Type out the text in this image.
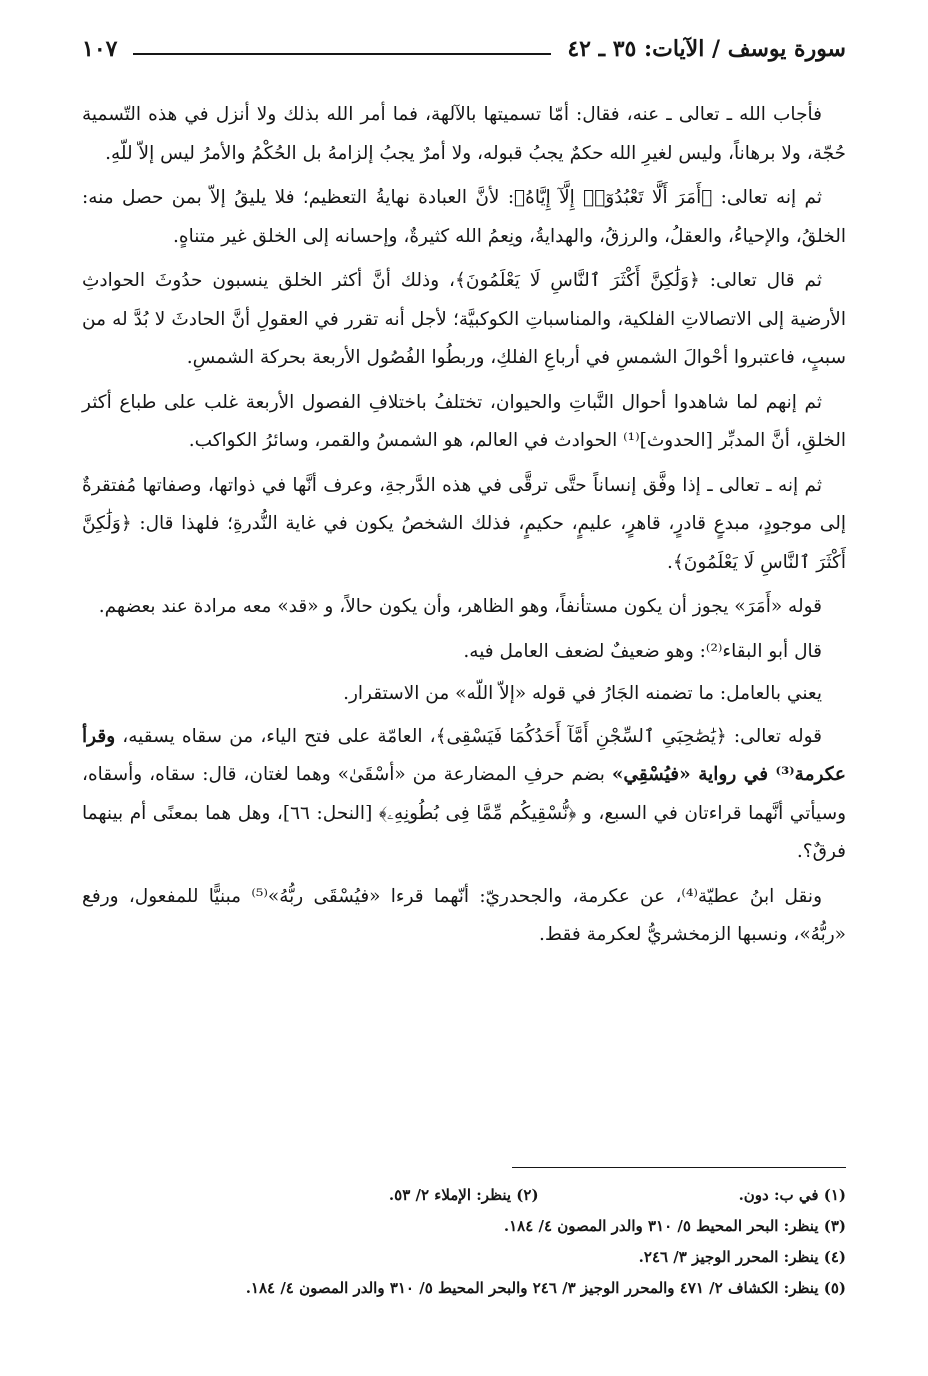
سورة يوسف / الآيات: ٣٥ ـ ٤٢
١٠٧

فأجاب الله ـ تعالى ـ عنه، فقال: أمّا تسميتها بالآلهة، فما أمر الله بذلك ولا أنزل في هذه التّسمية حُجّة، ولا برهاناً، وليس لغيرِ الله حكمٌ يجبُ قبوله، ولا أمرٌ يجبُ إلزامهُ بل الحُكْمُ والأمرُ ليس إلاّ للّهِ.

ثم إنه تعالى: ﴿أَمَرَ أَلَّا تَعْبُدُوٓا۟ إِلَّآ إِيَّاهُ﴾: لأنَّ العبادة نهايةُ التعظيم؛ فلا يليقُ إلاّ بمن حصل منه: الخلقُ، والإحياءُ، والعقلُ، والرزقُ، والهدايةُ، ونِعمُ الله كثيرةٌ، وإحسانه إلى الخلق غير متناهٍ.

ثم قال تعالى: ﴿وَلَٰكِنَّ أَكْثَرَ ٱلنَّاسِ لَا يَعْلَمُونَ﴾، وذلك أنَّ أكثر الخلق ينسبون حدُوثَ الحوادثِ الأرضية إلى الاتصالاتِ الفلكية، والمناسباتِ الكوكبيَّة؛ لأجل أنه تقرر في العقولِ أنَّ الحادثَ لا بُدَّ له من سببٍ، فاعتبروا أحْوالَ الشمسِ في أرباعِ الفلكِ، وربطُوا الفُصُول الأربعة بحركة الشمسِ.

ثم إنهم لما شاهدوا أحوال النَّباتِ والحيوان، تختلفُ باختلافِ الفصول الأربعة غلب على طباع أكثر الخلقِ، أنَّ المدبِّر [الحدوث]⁽¹⁾ الحوادث في العالم، هو الشمسُ والقمر، وسائرُ الكواكب.

ثم إنه ـ تعالى ـ إذا وفَّق إنساناً حتَّى ترقَّى في هذه الدَّرجةِ، وعرف أنَّها في ذواتها، وصفاتها مُفتقرةٌ إلى موجودٍ، مبدعٍ قادرٍ، قاهرٍ، عليمٍ، حكيمٍ، فذلك الشخصُ يكون في غاية النُّدرةِ؛ فلهذا قال: ﴿وَلَٰكِنَّ أَكْثَرَ ٱلنَّاسِ لَا يَعْلَمُونَ﴾.

قوله «أَمَرَ» يجوز أن يكون مستأنفاً، وهو الظاهر، وأن يكون حالاً، و «قد» معه مرادة عند بعضهم.

قال أبو البقاء⁽²⁾: وهو ضعيفٌ لضعف العامل فيه.

يعني بالعامل: ما تضمنه الجَارُ في قوله «إلاّ اللّه» من الاستقرار.

قوله تعالى: ﴿يَٰصَٰحِبَىِ ٱلسِّجْنِ أَمَّآ أَحَدُكُمَا فَيَسْقِى﴾، العامّة على فتح الياء، من سقاه يسقيه، وقرأ عكرمة⁽³⁾ في رواية «فيُسْقِي» بضم حرفِ المضارعة من «أسْقَىٰ» وهما لغتان، قال: سقاه، وأسقاه، وسيأتي أنَّهما قراءتان في السبع، و ﴿نُّسْقِيكُم مِّمَّا فِى بُطُونِهِۦ﴾ [النحل: ٦٦]، وهل هما بمعنًى أم بينهما فرقٌ؟.

ونقل ابنُ عطيّة⁽⁴⁾، عن عكرمة، والجحدريّ: أنّهما قرءا «فيُسْقَى ربُّهُ»⁽⁵⁾ مبنيًّا للمفعول، ورفع «ربُّهُ»، ونسبها الزمخشريُّ لعكرمة فقط.

(١) في ب: دون.
(٢) ينظر: الإملاء ٢/ ٥٣.
(٣) ينظر: البحر المحيط ٥/ ٣١٠ والدر المصون ٤/ ١٨٤.
(٤) ينظر: المحرر الوجيز ٣/ ٢٤٦.
(٥) ينظر: الكشاف ٢/ ٤٧١ والمحرر الوجيز ٣/ ٢٤٦ والبحر المحيط ٥/ ٣١٠ والدر المصون ٤/ ١٨٤.
